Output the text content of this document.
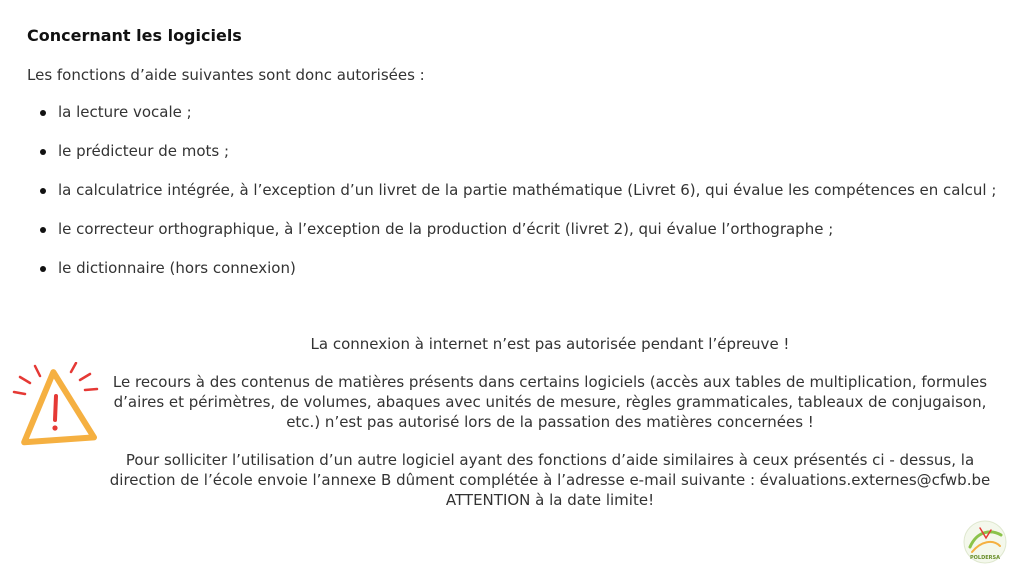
Concernant les logiciels
Les fonctions d’aide suivantes sont donc autorisées :
la lecture vocale ;
le prédicteur de mots ;
la calculatrice intégrée, à l’exception d’un livret de la partie mathématique (Livret 6), qui évalue les compétences en calcul ;
le correcteur orthographique, à l’exception de la production d’écrit (livret 2), qui évalue l’orthographe ;
le dictionnaire (hors connexion)

La connexion à internet n’est pas autorisée pendant l’épreuve !

Le recours à des contenus de matières présents dans certains logiciels (accès aux tables de multiplication, formules d’aires et périmètres, de volumes, abaques avec unités de mesure, règles grammaticales, tableaux de conjugaison, etc.) n’est pas autorisé lors de la passation des matières concernées !

Pour solliciter l’utilisation d’un autre logiciel ayant des fonctions d’aide similaires à ceux présentés ci - dessus, la direction de l’école envoie l’annexe B dûment complétée à l’adresse e-mail suivante : évaluations.externes@cfwb.be ATTENTION à la date limite!

POLDERSA
